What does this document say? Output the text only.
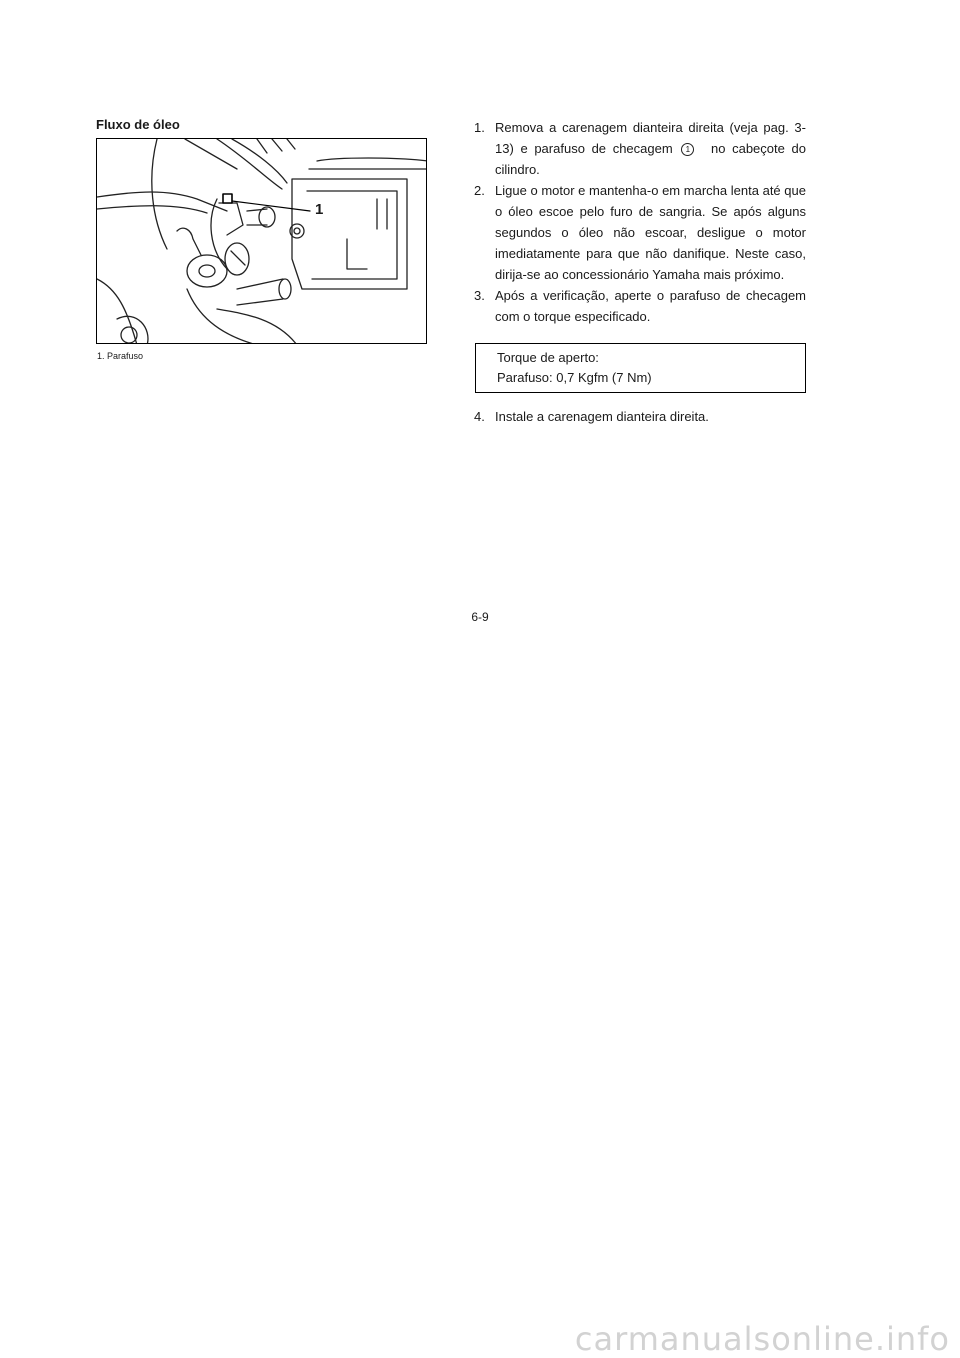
Fluxo de óleo
1
1. Parafuso
1. Remova a carenagem dianteira direita (veja pag. 3-13) e parafuso de checagem 1 no cabeçote do cilindro.
2. Ligue o motor e mantenha-o em marcha lenta até que o óleo escoe pelo furo de sangria. Se após alguns segundos o óleo não escoar, desligue o motor imediatamente para que não danifique. Neste caso, dirija-se ao concessionário Yamaha mais próximo.
3. Após a verificação, aperte o parafuso de checagem com o torque especificado.
Torque de aperto:
Parafuso: 0,7 Kgfm (7 Nm)
4. Instale a carenagem dianteira direita.
6-9
carmanualsonline.info
